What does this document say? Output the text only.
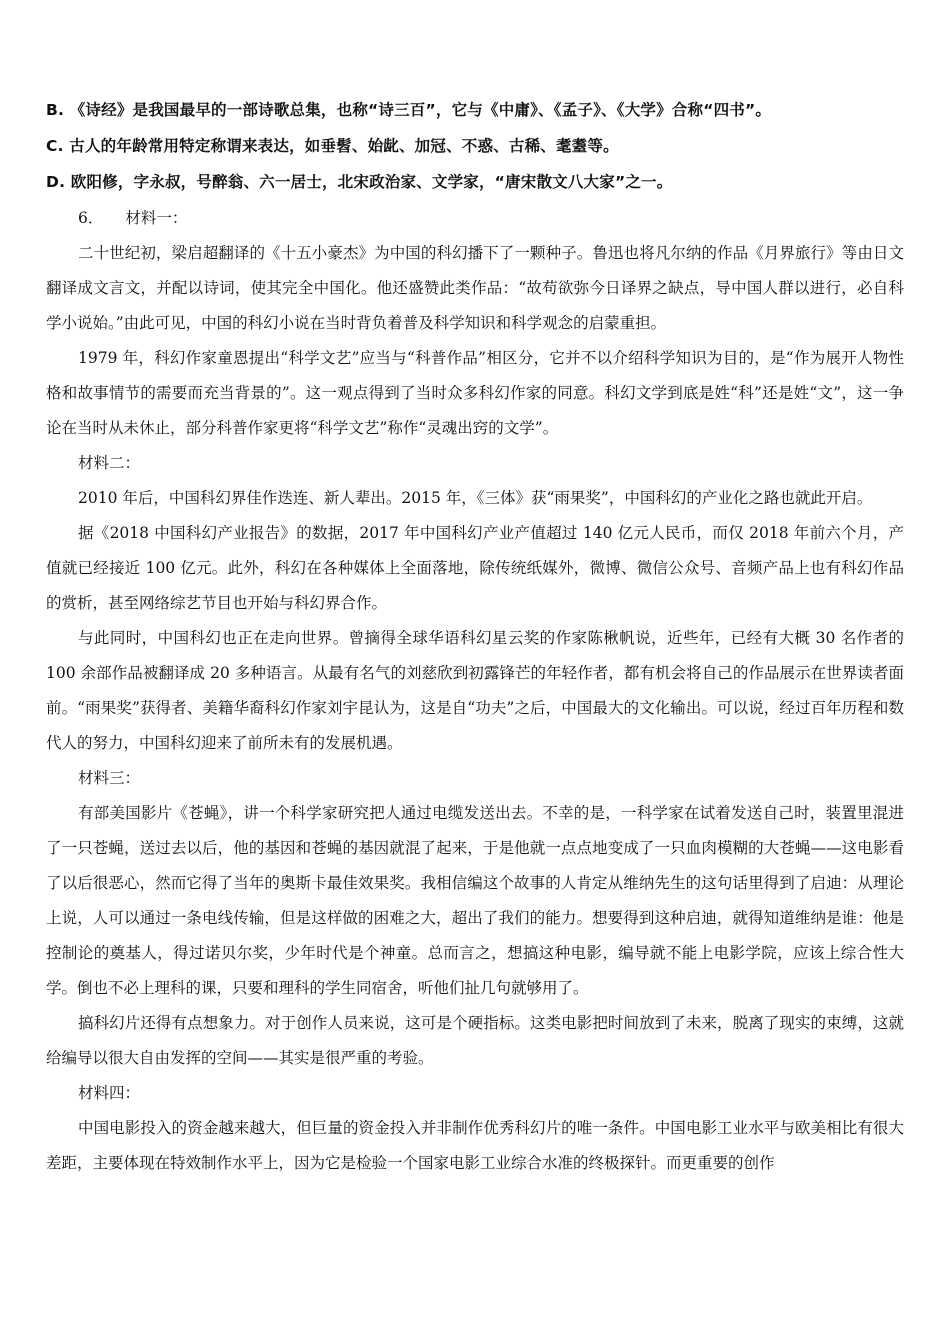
B. 《诗经》是我国最早的一部诗歌总集，也称“诗三百”，它与《中庸》、《孟子》、《大学》合称“四书”。
C. 古人的年龄常用特定称谓来表达，如垂髫、始龀、加冠、不惑、古稀、耄耋等。
D. 欧阳修，字永叔，号醉翁、六一居士，北宋政治家、文学家，“唐宋散文八大家”之一。
6． 材料一：

二十世纪初，梁启超翻译的《十五小豪杰》为中国的科幻播下了一颗种子。鲁迅也将凡尔纳的作品《月界旅行》等由日文翻译成文言文，并配以诗词，使其完全中国化。他还盛赞此类作品：“故苟欲弥今日译界之缺点，导中国人群以进行，必自科学小说始。”由此可见，中国的科幻小说在当时背负着普及科学知识和科学观念的启蒙重担。

1979 年，科幻作家童恩提出“科学文艺”应当与“科普作品”相区分，它并不以介绍科学知识为目的，是“作为展开人物性格和故事情节的需要而充当背景的”。这一观点得到了当时众多科幻作家的同意。科幻文学到底是姓“科”还是姓“文”，这一争论在当时从未休止，部分科普作家更将“科学文艺”称作“灵魂出窍的文学”。

材料二：

2010 年后，中国科幻界佳作迭连、新人辈出。2015 年，《三体》获“雨果奖”，中国科幻的产业化之路也就此开启。

据《2018 中国科幻产业报告》的数据，2017 年中国科幻产业产值超过 140 亿元人民币，而仅 2018 年前六个月，产值就已经接近 100 亿元。此外，科幻在各种媒体上全面落地，除传统纸媒外，微博、微信公众号、音频产品上也有科幻作品的赏析，甚至网络综艺节目也开始与科幻界合作。

与此同时，中国科幻也正在走向世界。曾摘得全球华语科幻星云奖的作家陈楸帆说，近些年，已经有大概 30 名作者的 100 余部作品被翻译成 20 多种语言。从最有名气的刘慈欣到初露锋芒的年轻作者，都有机会将自己的作品展示在世界读者面前。“雨果奖”获得者、美籍华裔科幻作家刘宇昆认为，这是自“功夫”之后，中国最大的文化输出。可以说，经过百年历程和数代人的努力，中国科幻迎来了前所未有的发展机遇。

材料三：

有部美国影片《苍蝇》，讲一个科学家研究把人通过电缆发送出去。不幸的是，一科学家在试着发送自己时，装置里混进了一只苍蝇，送过去以后，他的基因和苍蝇的基因就混了起来，于是他就一点点地变成了一只血肉模糊的大苍蝇——这电影看了以后很恶心，然而它得了当年的奥斯卡最佳效果奖。我相信编这个故事的人肯定从维纳先生的这句话里得到了启迪：从理论上说，人可以通过一条电线传输，但是这样做的困难之大，超出了我们的能力。想要得到这种启迪，就得知道维纳是谁：他是控制论的奠基人，得过诺贝尔奖，少年时代是个神童。总而言之，想搞这种电影，编导就不能上电影学院，应该上综合性大学。倒也不必上理科的课，只要和理科的学生同宿舍，听他们扯几句就够用了。

搞科幻片还得有点想象力。对于创作人员来说，这可是个硬指标。这类电影把时间放到了未来，脱离了现实的束缚，这就给编导以很大自由发挥的空间——其实是很严重的考验。

材料四：

中国电影投入的资金越来越大，但巨量的资金投入并非制作优秀科幻片的唯一条件。中国电影工业水平与欧美相比有很大差距，主要体现在特效制作水平上，因为它是检验一个国家电影工业综合水准的终极探针。而更重要的创作
